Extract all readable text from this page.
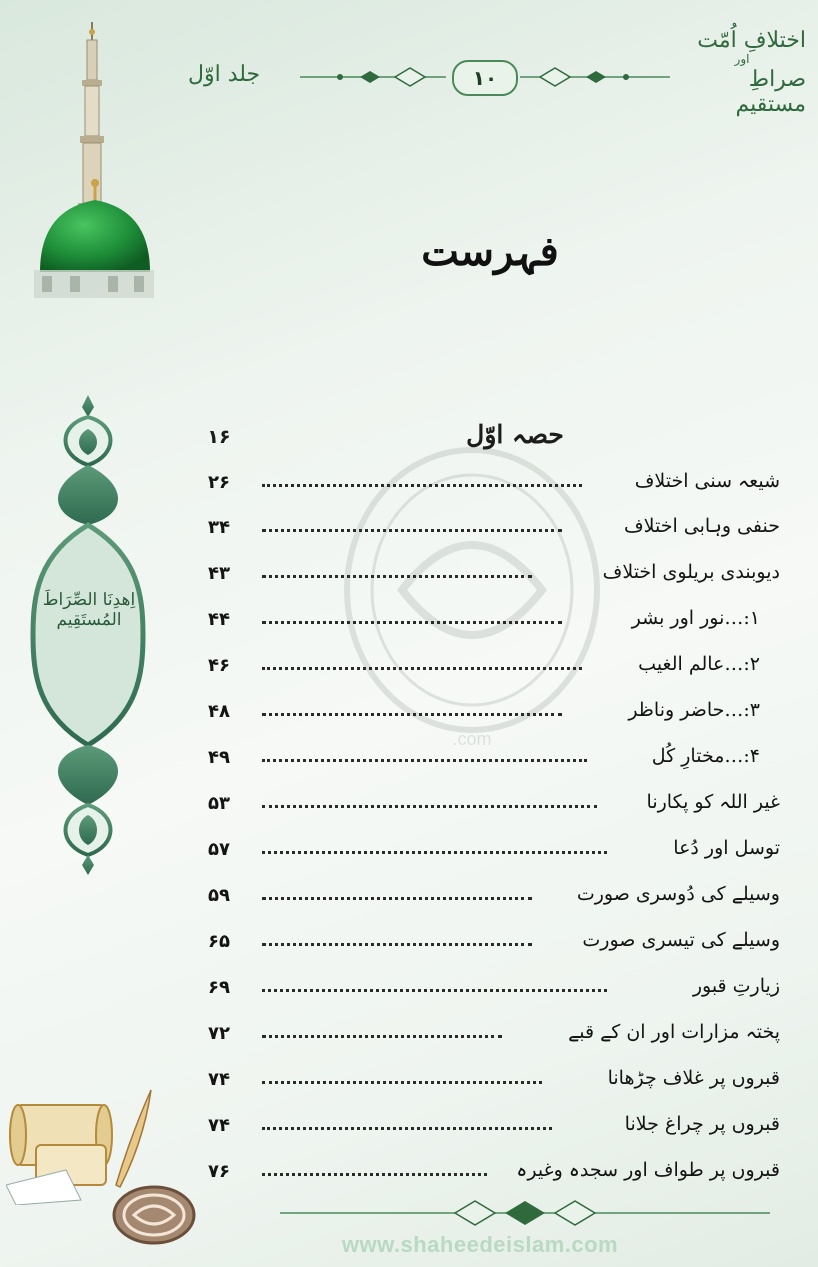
جلد اوّل	۱۰
اختلافِ اُمّت
اور
صراطِ مستقیم
فہرست
.com
اِھدِنَا الصِّرَاطَ المُستَقِیم
حصہ اوّل
۱۶
شیعہ سنی اختلاف
۲۶
حنفی وہابی اختلاف
۳۴
دیوبندی بریلوی اختلاف
۴۳
۱:…نور اور بشر
۴۴
۲:…عالم الغیب
۴۶
۳:…حاضر وناظر
۴۸
۴:…مختارِ کُل
۴۹
غیر اللہ کو پکارنا
۵۳
توسل اور دُعا
۵۷
وسیلے کی دُوسری صورت
۵۹
وسیلے کی تیسری صورت
۶۵
زیارتِ قبور
۶۹
پختہ مزارات اور ان کے قبے
۷۲
قبروں پر غلاف چڑھانا
۷۴
قبروں پر چراغ جلانا
۷۴
قبروں پر طواف اور سجدہ وغیرہ
۷۶
www.shaheedeislam.com
